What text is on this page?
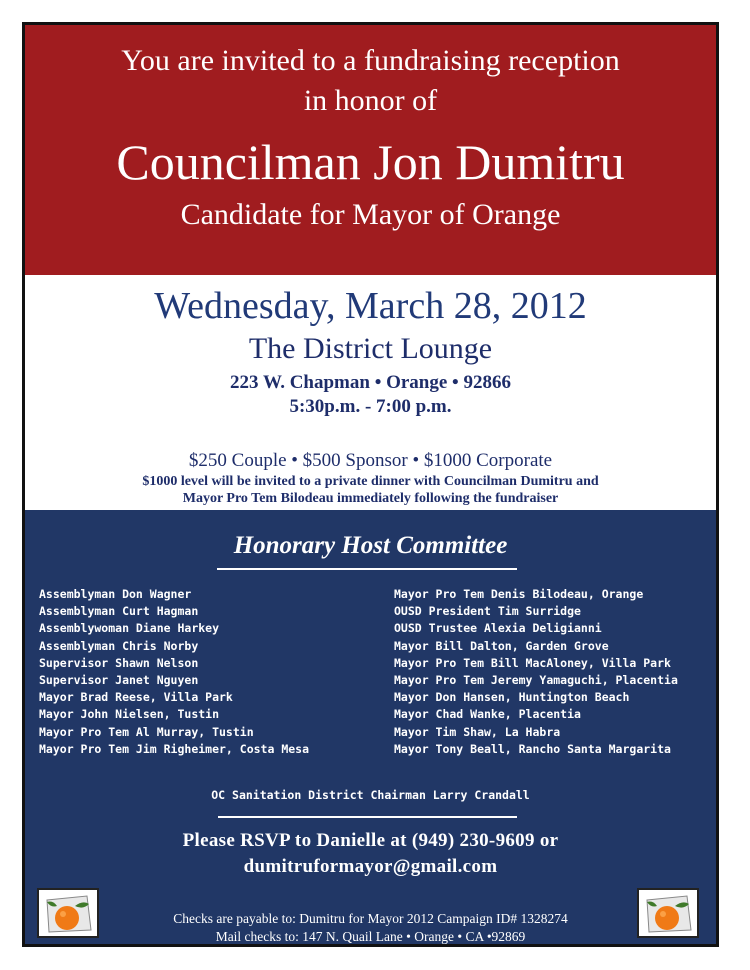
You are invited to a fundraising reception
in honor of
Councilman Jon Dumitru
Candidate for Mayor of Orange
Wednesday, March 28, 2012
The District Lounge
223 W. Chapman • Orange • 92866
5:30p.m. - 7:00 p.m.
$250 Couple • $500 Sponsor • $1000 Corporate
$1000 level will be invited to a private dinner with Councilman Dumitru and
Mayor Pro Tem Bilodeau immediately following the fundraiser
Honorary Host Committee
Assemblyman Don Wagner
Assemblyman Curt Hagman
Assemblywoman Diane Harkey
Assemblyman Chris Norby
Supervisor Shawn Nelson
Supervisor Janet Nguyen
Mayor Brad Reese, Villa Park
Mayor John Nielsen, Tustin
Mayor Pro Tem Al Murray, Tustin
Mayor Pro Tem Jim Righeimer, Costa Mesa
Mayor Pro Tem Denis Bilodeau, Orange
OUSD President Tim Surridge
OUSD Trustee Alexia Deligianni
Mayor Bill Dalton, Garden Grove
Mayor Pro Tem Bill MacAloney, Villa Park
Mayor Pro Tem Jeremy Yamaguchi, Placentia
Mayor Don Hansen, Huntington Beach
Mayor Chad Wanke, Placentia
Mayor Tim Shaw, La Habra
Mayor Tony Beall, Rancho Santa Margarita
OC Sanitation District Chairman Larry Crandall
Please RSVP to Danielle at (949) 230-9609 or
dumitruformayor@gmail.com
Checks are payable to: Dumitru for Mayor 2012 Campaign ID# 1328274
Mail checks to: 147 N. Quail Lane • Orange • CA •92869
